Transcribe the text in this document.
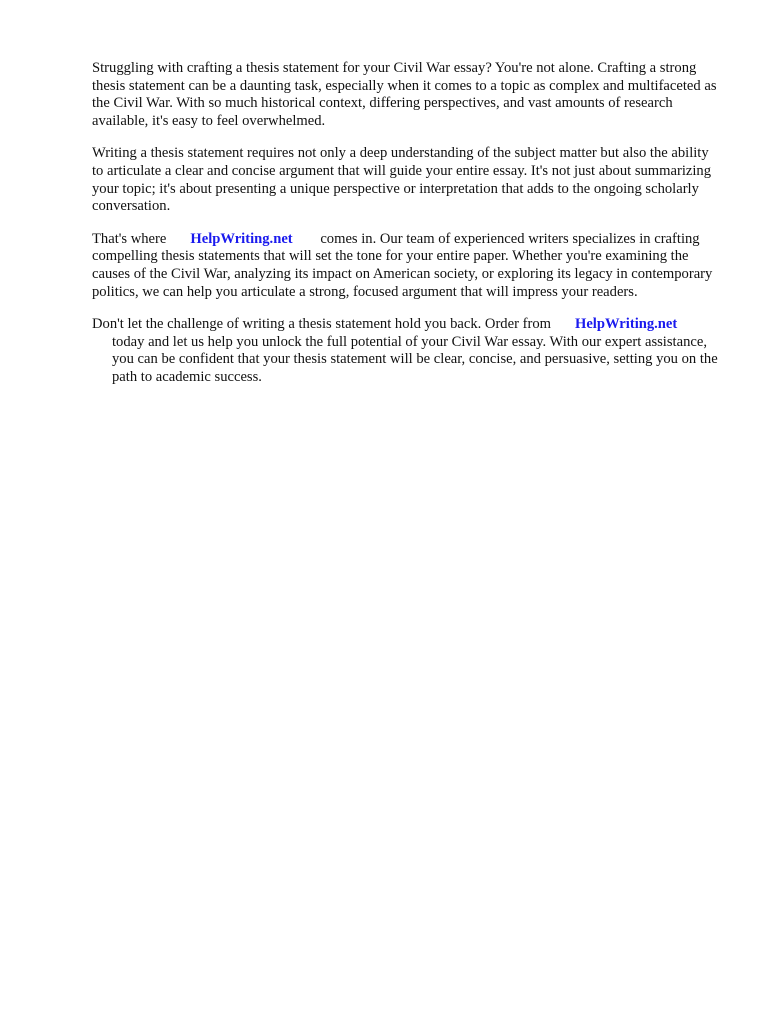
Struggling with crafting a thesis statement for your Civil War essay? You're not alone. Crafting a strong thesis statement can be a daunting task, especially when it comes to a topic as complex and multifaceted as the Civil War. With so much historical context, differing perspectives, and vast amounts of research available, it's easy to feel overwhelmed.

Writing a thesis statement requires not only a deep understanding of the subject matter but also the ability to articulate a clear and concise argument that will guide your entire essay. It's not just about summarizing your topic; it's about presenting a unique perspective or interpretation that adds to the ongoing scholarly conversation.

That's where HelpWriting.net comes in. Our team of experienced writers specializes in crafting compelling thesis statements that will set the tone for your entire paper. Whether you're examining the causes of the Civil War, analyzing its impact on American society, or exploring its legacy in contemporary politics, we can help you articulate a strong, focused argument that will impress your readers.

Don't let the challenge of writing a thesis statement hold you back. Order from HelpWriting.net
today and let us help you unlock the full potential of your Civil War essay. With our expert assistance, you can be confident that your thesis statement will be clear, concise, and persuasive, setting you on the path to academic success.
